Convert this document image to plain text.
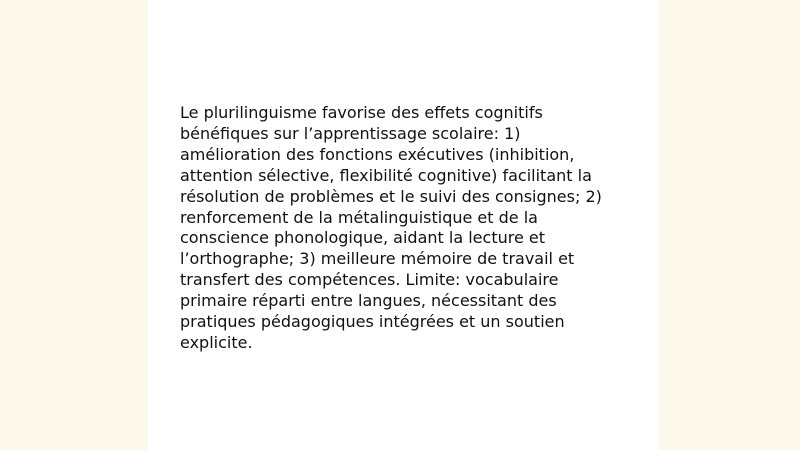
Le plurilinguisme favorise des effets cognitifs
bénéfiques sur l’apprentissage scolaire: 1)
amélioration des fonctions exécutives (inhibition,
attention sélective, flexibilité cognitive) facilitant la
résolution de problèmes et le suivi des consignes; 2)
renforcement de la métalinguistique et de la
conscience phonologique, aidant la lecture et
l’orthographe; 3) meilleure mémoire de travail et
transfert des compétences. Limite: vocabulaire
primaire réparti entre langues, nécessitant des
pratiques pédagogiques intégrées et un soutien
explicite.
